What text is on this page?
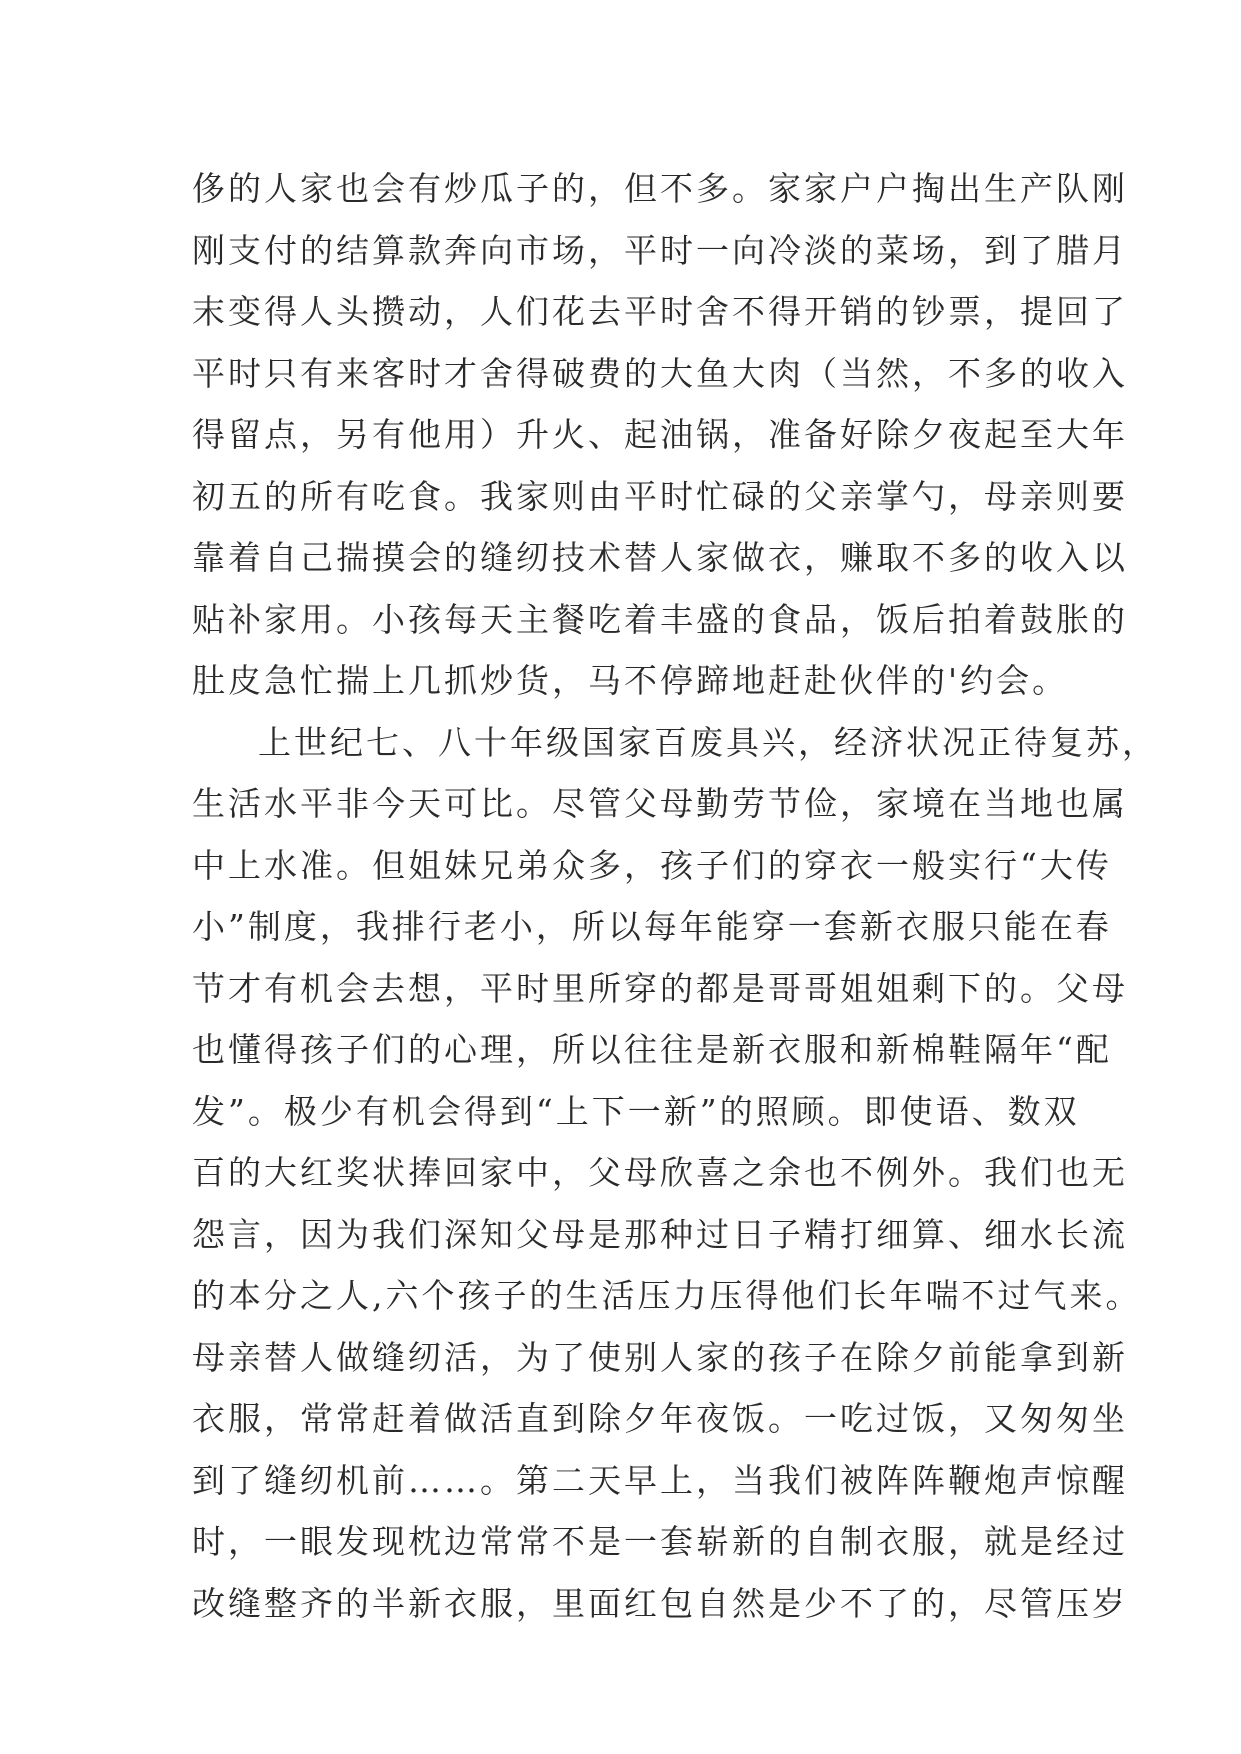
侈 的 人 家 也 会 有 炒 瓜 子 的 ， 但 不 多 。 家 家 户 户 掏 出 生 产 队 刚
刚 支 付 的 结 算 款 奔 向 市 场 ， 平 时 一 向 冷 淡 的 菜 场 ， 到 了 腊 月
末 变 得 人 头 攒 动 ， 人 们 花 去 平 时 舍 不 得 开 销 的 钞 票 ， 提 回 了
平 时 只 有 来 客 时 才 舍 得 破 费 的 大 鱼 大 肉 （ 当 然 ， 不 多 的 收 入
得 留 点 ， 另 有 他 用 ） 升 火 、 起 油 锅 ， 准 备 好 除 夕 夜 起 至 大 年
初 五 的 所 有 吃 食 。 我 家 则 由 平 时 忙 碌 的 父 亲 掌 勺 ， 母 亲 则 要
靠 着 自 己 揣 摸 会 的 缝 纫 技 术 替 人 家 做 衣 ， 赚 取 不 多 的 收 入 以
贴 补 家 用 。 小 孩 每 天 主 餐 吃 着 丰 盛 的 食 品 ， 饭 后 拍 着 鼓 胀 的
肚 皮 急 忙 揣 上 几 抓 炒 货 ， 马 不 停 蹄 地 赶 赴 伙 伴 的 ' 约 会 。
上 世 纪 七 、 八 十 年 级 国 家 百 废 具 兴 ， 经 济 状 况 正 待 复 苏 ，
生 活 水 平 非 今 天 可 比 。 尽 管 父 母 勤 劳 节 俭 ， 家 境 在 当 地 也 属
中 上 水 准 。 但 姐 妹 兄 弟 众 多 ， 孩 子 们 的 穿 衣 一 般 实 行 “ 大 传
小 ” 制 度 ， 我 排 行 老 小 ， 所 以 每 年 能 穿 一 套 新 衣 服 只 能 在 春
节 才 有 机 会 去 想 ， 平 时 里 所 穿 的 都 是 哥 哥 姐 姐 剩 下 的 。 父 母
也 懂 得 孩 子 们 的 心 理 ， 所 以 往 往 是 新 衣 服 和 新 棉 鞋 隔 年 “ 配
发 ” 。 极 少 有 机 会 得 到 “ 上 下 一 新 ” 的 照 顾 。 即 使 语 、 数 双
百 的 大 红 奖 状 捧 回 家 中 ， 父 母 欣 喜 之 余 也 不 例 外 。 我 们 也 无
怨 言 ， 因 为 我 们 深 知 父 母 是 那 种 过 日 子 精 打 细 算 、 细 水 长 流
的 本 分 之 人 , 六 个 孩 子 的 生 活 压 力 压 得 他 们 长 年 喘 不 过 气 来 。
母 亲 替 人 做 缝 纫 活 ， 为 了 使 别 人 家 的 孩 子 在 除 夕 前 能 拿 到 新
衣 服 ， 常 常 赶 着 做 活 直 到 除 夕 年 夜 饭 。 一 吃 过 饭 ， 又 匆 匆 坐
到 了 缝 纫 机 前 … … 。 第 二 天 早 上 ， 当 我 们 被 阵 阵 鞭 炮 声 惊 醒
时 ， 一 眼 发 现 枕 边 常 常 不 是 一 套 崭 新 的 自 制 衣 服 ， 就 是 经 过
改 缝 整 齐 的 半 新 衣 服 ， 里 面 红 包 自 然 是 少 不 了 的 ， 尽 管 压 岁
